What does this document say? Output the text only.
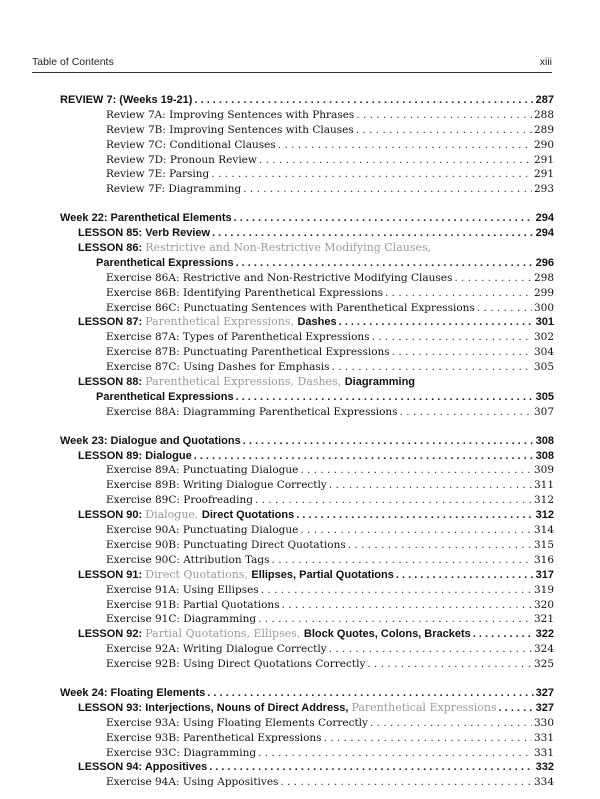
Table of Contents	xiii
REVIEW 7: (Weeks 19-21) . . .	287
Review 7A: Improving Sentences with Phrases . . .	288
Review 7B: Improving Sentences with Clauses . . .	289
Review 7C: Conditional Clauses . . .	290
Review 7D: Pronoun Review . . .	291
Review 7E: Parsing . . .	291
Review 7F: Diagramming . . .	293
Week 22: Parenthetical Elements . . .	294
LESSON 85: Verb Review . . .	294
LESSON 86: Restrictive and Non-Restrictive Modifying Clauses,
Parenthetical Expressions . . .	296
Exercise 86A: Restrictive and Non-Restrictive Modifying Clauses . . .	298
Exercise 86B: Identifying Parenthetical Expressions . . .	299
Exercise 86C: Punctuating Sentences with Parenthetical Expressions . . .	300
LESSON 87: Parenthetical Expressions, Dashes . . .	301
Exercise 87A: Types of Parenthetical Expressions . . .	302
Exercise 87B: Punctuating Parenthetical Expressions . . .	304
Exercise 87C: Using Dashes for Emphasis . . .	305
LESSON 88: Parenthetical Expressions, Dashes, Diagramming
Parenthetical Expressions . . .	305
Exercise 88A: Diagramming Parenthetical Expressions . . .	307
Week 23: Dialogue and Quotations . . .	308
LESSON 89: Dialogue . . .	308
Exercise 89A: Punctuating Dialogue . . .	309
Exercise 89B: Writing Dialogue Correctly . . .	311
Exercise 89C: Proofreading . . .	312
LESSON 90: Dialogue, Direct Quotations . . .	312
Exercise 90A: Punctuating Dialogue . . .	314
Exercise 90B: Punctuating Direct Quotations . . .	315
Exercise 90C: Attribution Tags . . .	316
LESSON 91: Direct Quotations, Ellipses, Partial Quotations . . .	317
Exercise 91A: Using Ellipses . . .	319
Exercise 91B: Partial Quotations . . .	320
Exercise 91C: Diagramming . . .	321
LESSON 92: Partial Quotations, Ellipses, Block Quotes, Colons, Brackets . . .	322
Exercise 92A: Writing Dialogue Correctly . . .	324
Exercise 92B: Using Direct Quotations Correctly . . .	325
Week 24: Floating Elements . . .	327
LESSON 93: Interjections, Nouns of Direct Address, Parenthetical Expressions . . .	327
Exercise 93A: Using Floating Elements Correctly . . .	330
Exercise 93B: Parenthetical Expressions . . .	331
Exercise 93C: Diagramming . . .	331
LESSON 94: Appositives . . .	332
Exercise 94A: Using Appositives . . .	334
